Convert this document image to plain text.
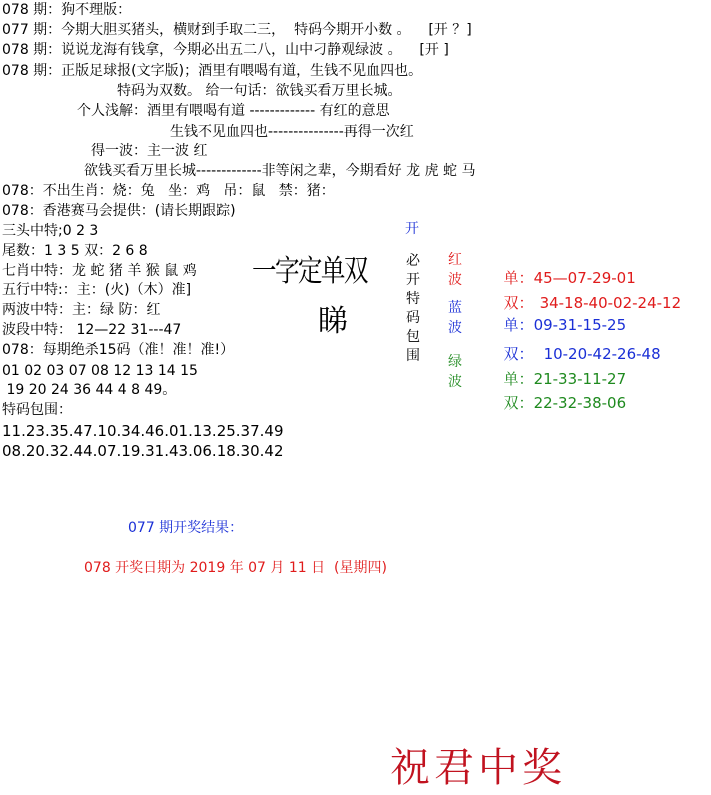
078 期：狗不理版：
077 期：今期大胆买猪头，横财到手取二三，  特码今期开小数 。    [开 ？]
078 期：说说龙海有钱拿，今期必出五二八，山中刁静观绿波 。    [开 ]
078 期：正版足球报(文字版)；酒里有喂喝有道，生钱不见血四也。
特码为双数。 给一句话：欲钱买看万里长城。
个人浅解：酒里有喂喝有道 ------------- 有红的意思
生钱不见血四也---------------再得一次红
得一波：主一波 红
欲钱买看万里长城-------------非等闲之辈，今期看好 龙 虎 蛇 马
078：不出生肖：烧：兔   坐：鸡   吊：鼠   禁：猪：
078：香港赛马会提供：(请长期跟踪)
三头中特;0 2 3
尾数：1 3 5 双：2 6 8
七肖中特：龙 蛇 猪 羊 猴 鼠 鸡
五行中特:：主：(火)（木）准]
两波中特：主：绿 防：红
波段中特： 12—22 31---47
078：每期绝杀15码（准！准！准!）
01 02 03 07 08 12 13 14 15
19 20 24 36 44 4 8 49。
特码包围：
11.23.35.47.10.34.46.01.13.25.37.49
08.20.32.44.07.19.31.43.06.18.30.42
一字定单双
睇
开
必开特码包围
红波
蓝波
绿波

单：45—07-29-01

双： 34-18-40-02-24-12

单：09-31-15-25

双： 10-20-42-26-48

单：21-33-11-27

双：22-32-38-06

077 期开奖结果：
078 开奖日期为 2019 年 07 月 11 日  (星期四)
祝君中奖
